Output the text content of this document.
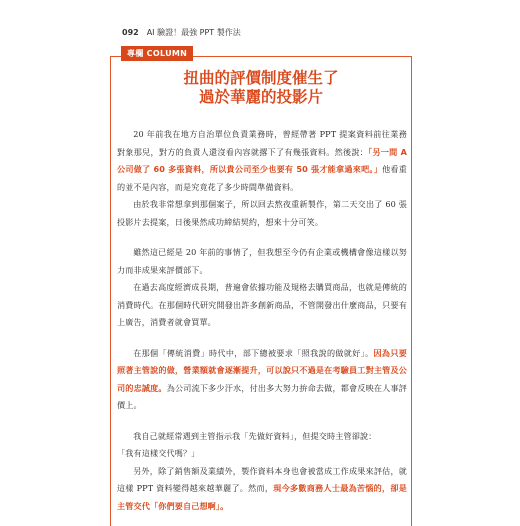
092 AI 驗證！最強 PPT 製作法
專欄 COLUMN
扭曲的評價制度催生了
過於華麗的投影片

20 年前我在地方自治單位負責業務時，曾經帶著 PPT 提案資料前往業務對象那兒，對方的負責人還沒看內容就撂下了有幾張資料。然後說：「另一間 A 公司做了 60 多張資料，所以貴公司至少也要有 50 張才能拿過來吧。」他看重的並不是內容，而是究竟花了多少時間準備資料。

由於我非常想拿到那個案子，所以回去熬夜重新製作，第二天交出了 60 張投影片去提案，日後果然成功締結契約，想來十分可笑。

雖然這已經是 20 年前的事情了，但我想至今仍有企業或機構會像這樣以努力而非成果來評價部下。

在過去高度經濟成長期，普遍會依據功能及規格去購買商品，也就是傳統的消費時代。在那個時代研究開發出許多創新商品，不管開發出什麼商品，只要有上廣告，消費者就會買單。

在那個「傳統消費」時代中，部下總被要求「照我說的做就好」。因為只要照著主管說的做，營業額就會逐漸提升，可以說只不過是在考驗員工對主管及公司的忠誠度。為公司流下多少汗水，付出多大努力拚命去做，都會反映在人事評價上。

我自己就經常遇到主管指示我「先做好資料」，但提交時主管卻說：

「我有這樣交代嗎？」

另外，除了銷售額及業績外，製作資料本身也會被當成工作成果來評估，就這樣 PPT 資料變得越來越華麗了。然而，現今多數商務人士最為苦惱的，卻是主管交代「你們要自己想啊」。
